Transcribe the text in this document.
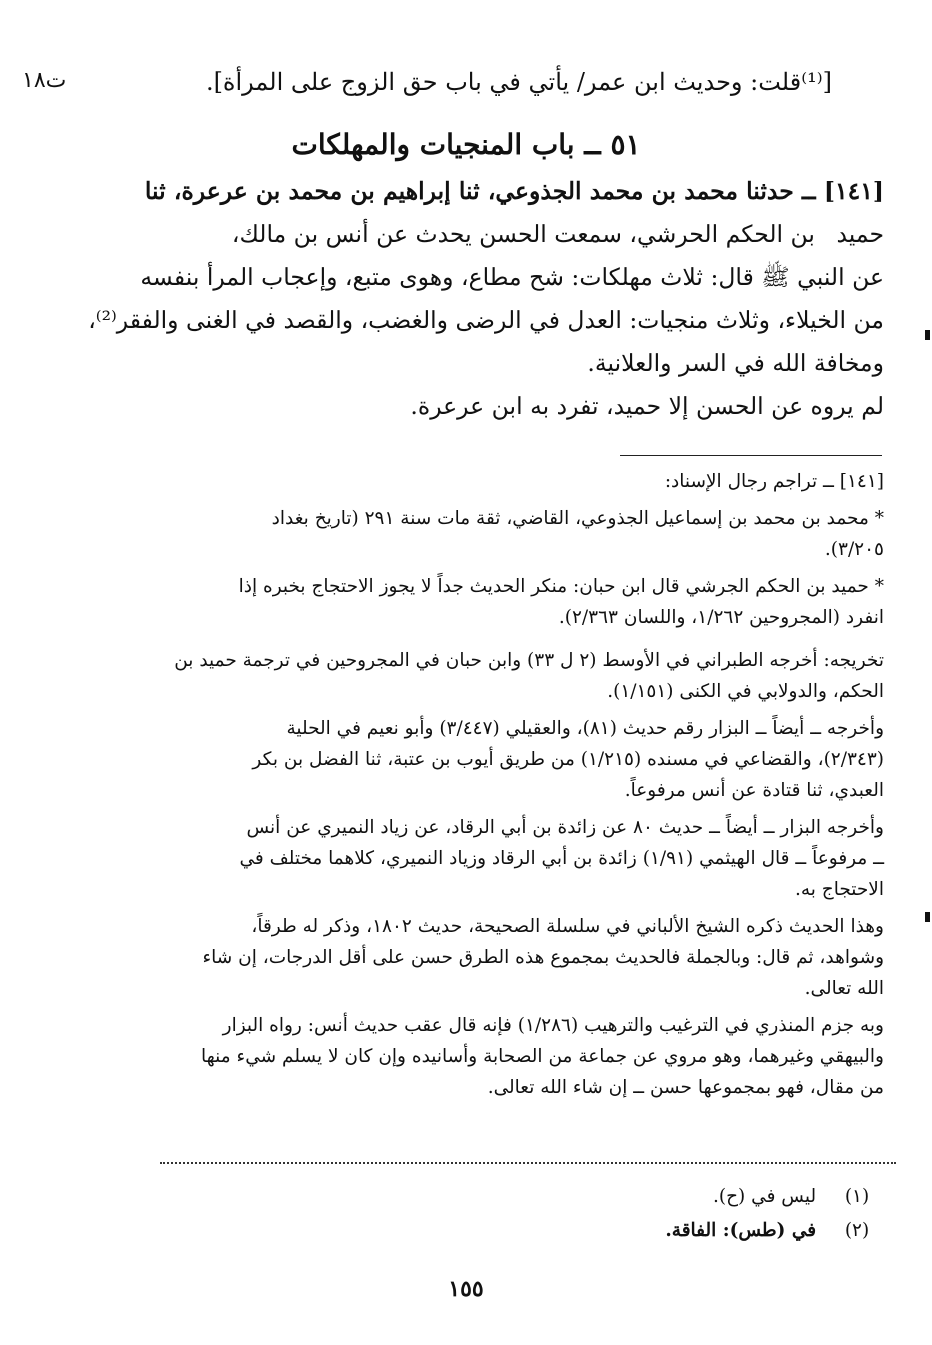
ت١٨	[⁽¹⁾قلت: وحديث ابن عمر/ يأتي في باب حق الزوج على المرأة].
٥١ ــ باب المنجيات والمهلكات
[١٤١] ــ حدثنا محمد بن محمد الجذوعي، ثنا إبراهيم بن محمد بن عرعرة، ثنا
حميد بن الحكم الحرشي، سمعت الحسن يحدث عن أنس بن مالك،
عن النبي ﷺ قال: ثلاث مهلكات: شح مطاع، وهوى متبع، وإعجاب المرأ بنفسه
من الخيلاء، وثلاث منجيات: العدل في الرضى والغضب، والقصد في الغنى والفقر⁽²⁾،
ومخافة الله في السر والعلانية.
لم يروه عن الحسن إلا حميد، تفرد به ابن عرعرة.
[١٤١] ــ تراجم رجال الإسناد:
* محمد بن محمد بن إسماعيل الجذوعي، القاضي، ثقة مات سنة ٢٩١ (تاريخ بغداد
٣/٢٠٥).
* حميد بن الحكم الجرشي قال ابن حبان: منكر الحديث جداً لا يجوز الاحتجاج بخبره إذا
انفرد (المجروحين ١/٢٦٢، واللسان ٢/٣٦٣).
تخريجه: أخرجه الطبراني في الأوسط (٢ ل ٣٣) وابن حبان في المجروحين في ترجمة حميد بن
الحكم، والدولابي في الكنى (١/١٥١).
وأخرجه ــ أيضاً ــ البزار رقم حديث (٨١)، والعقيلي (٣/٤٤٧) وأبو نعيم في الحلية
(٢/٣٤٣)، والقضاعي في مسنده (١/٢١٥) من طريق أيوب بن عتبة، ثنا الفضل بن بكر
العبدي، ثنا قتادة عن أنس مرفوعاً.
وأخرجه البزار ــ أيضاً ــ حديث ٨٠ عن زائدة بن أبي الرقاد، عن زياد النميري عن أنس
ــ مرفوعاً ــ قال الهيثمي (١/٩١) زائدة بن أبي الرقاد وزياد النميري، كلاهما مختلف في
الاحتجاج به.
وهذا الحديث ذكره الشيخ الألباني في سلسلة الصحيحة، حديث ١٨٠٢، وذكر له طرقاً،
وشواهد، ثم قال: وبالجملة فالحديث بمجموع هذه الطرق حسن على أقل الدرجات، إن شاء
الله تعالى.
وبه جزم المنذري في الترغيب والترهيب (١/٢٨٦) فإنه قال عقب حديث أنس: رواه البزار
والبيهقي وغيرهما، وهو مروي عن جماعة من الصحابة وأسانيده وإن كان لا يسلم شيء منها
من مقال، فهو بمجموعها حسن ــ إن شاء الله تعالى.
(١) ليس في (ح).
(٢) في (طس): الفاقة.
١٥٥
